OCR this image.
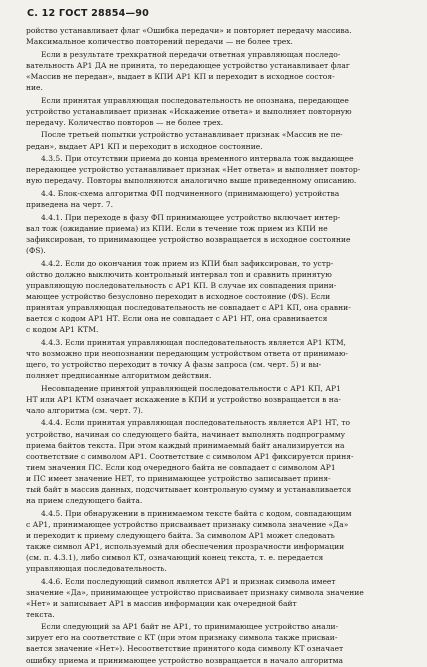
С. 12 ГОСТ 28854—90
ройство устанавливает флаг «Ошибка передачи» и повторяет передачу массива.
Максимальное количество повторений передачи — не более трех.
Если в результате трехкратной передачи ответная управляющая последо-
вательность АР1 ДА не принята, то передающее устройство устанавливает флаг
«Массив не передан», выдает в КПИ АР1 КП и переходит в исходное состоя-
ние.
Если принятая управляющая последовательность не опознана, передающее
устройство устанавливает признак «Искажение ответа» и выполняет повторную
передачу. Количество повторов — не более трех.
После третьей попытки устройство устанавливает признак «Массив не пе-
редан», выдает АР1 КП и переходит в исходное состояние.
4.3.5. При отсутствии приема до конца временного интервала тож выдающее
передающее устройство устанавливает признак «Нет ответа» и выполняет повтор-
ную передачу. Повторы выполняются аналогично выше приведенному описанию.
4.4. Блок-схема алгоритма ФП подчиненного (принимающего) устройства
приведена на черт. 7.
4.4.1. При переходе в фазу ФП принимающее устройство включает интер-
вал тож (ожидание приема) из КПИ. Если в течение тож прием из КПИ не
зафиксирован, то принимающее устройство возвращается в исходное состояние
(ФS).
4.4.2. Если до окончания тож прием из КПИ был зафиксирован, то устр-
ойство должно выключить контрольный интервал топ и сравнить принятую
управляющую последовательность с АР1 КП. В случае их совпадения прини-
мающее устройство безусловно переходит в исходное состояние (ФS). Если
принятая управляющая последовательность не совпадает с АР1 КП, она сравни-
вается с кодом АР1 НТ. Если она не совпадает с АР1 НТ, она сравнивается
с кодом АР1 КТМ.
4.4.3. Если принятая управляющая последовательность является АР1 КТМ,
что возможно при неопознании передающим устройством ответа от принимаю-
щего, то устройство переходит в точку А фазы запроса (см. черт. 5) и вы-
полняет предписанные алгоритмом действия.
Несовпадение принятой управляющей последовательности с АР1 КП, АР1
НТ или АР1 КТМ означает искажение в КПИ и устройство возвращается в на-
чало алгоритма (см. черт. 7).
4.4.4. Если принятая управляющая последовательность является АР1 НТ, то
устройство, начиная со следующего байта, начинает выполнять подпрограмму
приема байтов текста. При этом каждый принимаемый байт анализируется на
соответствие с символом АР1. Соответствие с символом АР1 фиксируется приня-
тием значения ПС. Если код очередного байта не совпадает с символом АР1
и ПС имеет значение НЕТ, то принимающее устройство записывает приня-
тый байт в массив данных, подсчитывает контрольную сумму и устанавливается
на прием следующего байта.
4.4.5. При обнаружении в принимаемом тексте байта с кодом, совпадающим
с АР1, принимающее устройство присваивает признаку символа значение «Да»
и переходит к приему следующего байта. За символом АР1 может следовать
также символ АР1, используемый для обеспечения прозрачности информации
(см. п. 4.3.1), либо символ КТ, означающий конец текста, т. е. передается
управляющая последовательность.
4.4.6. Если последующий символ является АР1 и признак символа имеет
значение «Да», принимающее устройство присваивает признаку символа значение
«Нет» и записывает АР1 в массив информации как очередной байт
текста.
Если следующий за АР1 байт не АР1, то принимающее устройство анали-
зирует его на соответствие с КТ (при этом признаку символа также присваи-
вается значение «Нет»). Несоответствие принятого кода символу КТ означает
ошибку приема и принимающее устройство возвращается в начало алгоритма
